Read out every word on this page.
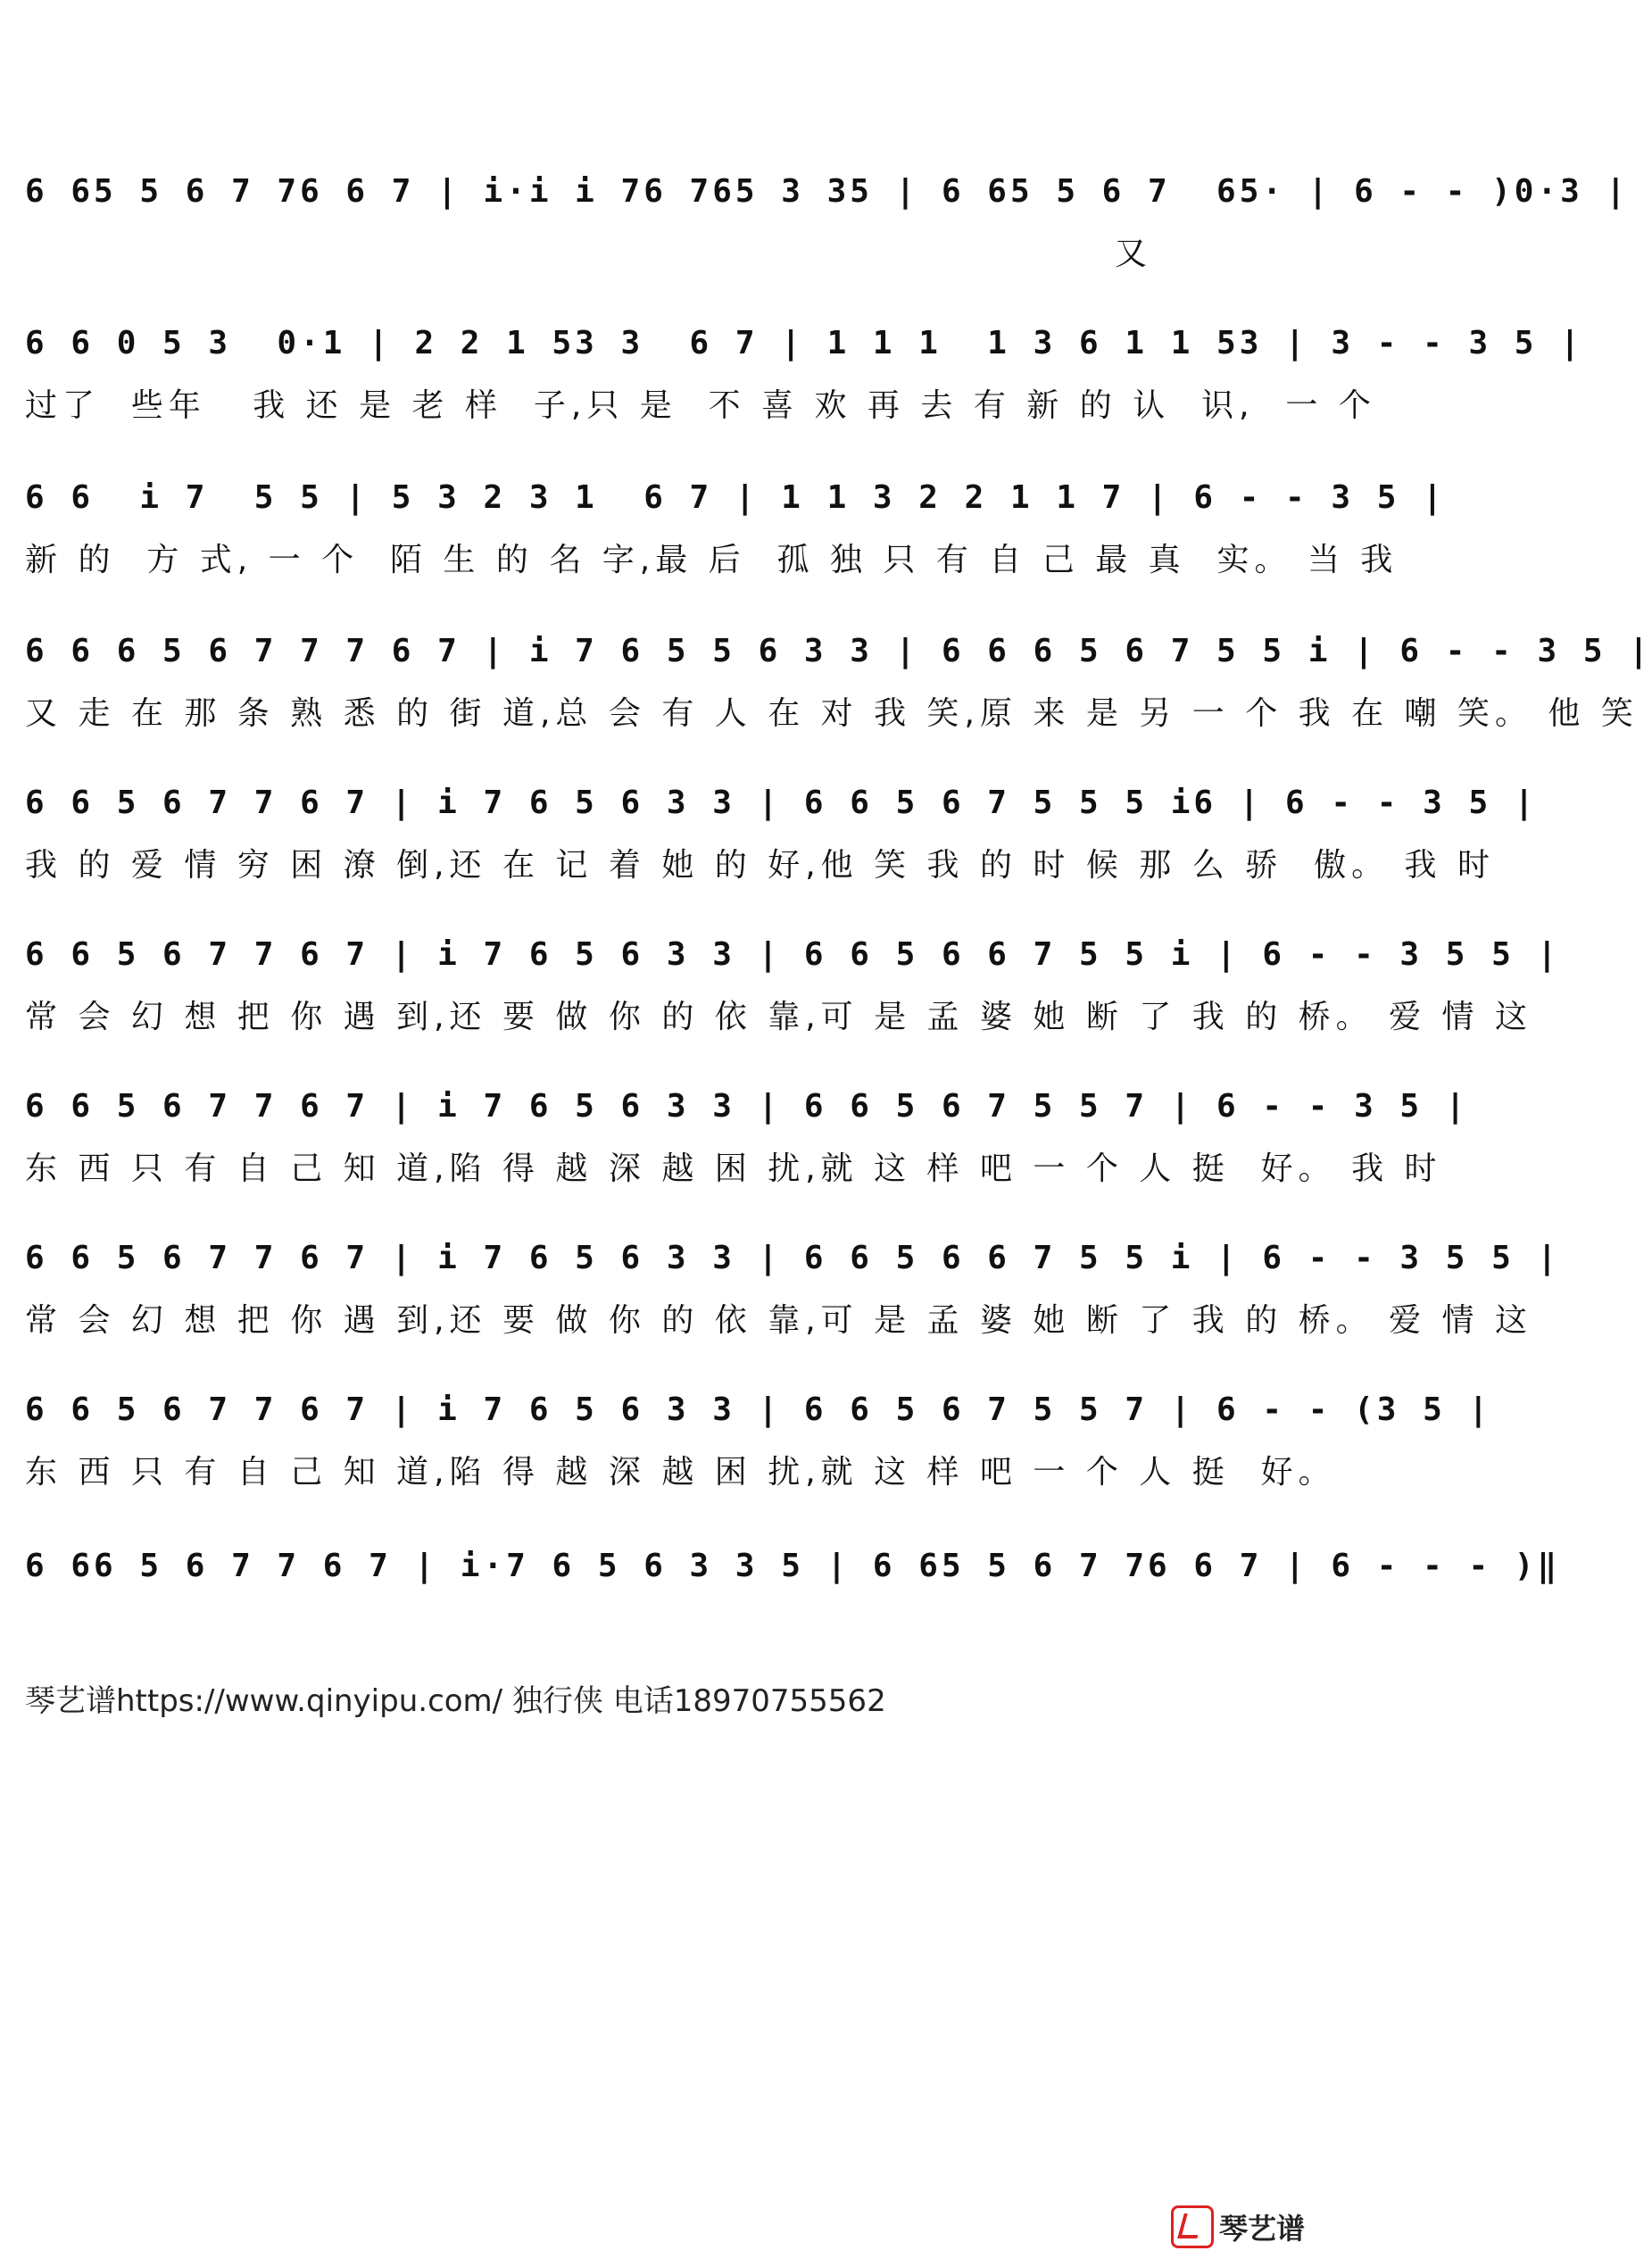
6 65 5 6 7 76 6 7 | i·i i 76 765 3 35 | 6 65 5 6 7  65· | 6 - - )0·3 |
又
6 6 0 5 3  0·1 | 2 2 1 53 3  6 7 | 1 1 1  1 3 6 1 1 53 | 3 - - 3 5 |
过了  些年   我 还 是 老 样  子,只 是  不 喜 欢 再 去 有 新 的 认  识,  一 个
6 6  i 7  5 5 | 5 3 2 3 1  6 7 | 1 1 3 2 2 1 1 7 | 6 - - 3 5 |
新 的  方 式, 一 个  陌 生 的 名 字,最 后  孤 独 只 有 自 己 最 真  实。 当 我
6 6 6 5 6 7 7 7 6 7 | i 7 6 5 5 6 3 3 | 6 6 6 5 6 7 5 5 i | 6 - - 3 5 |
又 走 在 那 条 熟 悉 的 街 道,总 会 有 人 在 对 我 笑,原 来 是 另 一 个 我 在 嘲 笑。 他 笑
6 6 5 6 7 7 6 7 | i 7 6 5 6 3 3 | 6 6 5 6 7 5 5 5 i6 | 6 - - 3 5 |
我 的 爱 情 穷 困 潦 倒,还 在 记 着 她 的 好,他 笑 我 的 时 候 那 么 骄  傲。 我 时
6 6 5 6 7 7 6 7 | i 7 6 5 6 3 3 | 6 6 5 6 6 7 5 5 i | 6 - - 3 5 5 |
常 会 幻 想 把 你 遇 到,还 要 做 你 的 依 靠,可 是 孟 婆 她 断 了 我 的 桥。 爱 情 这
6 6 5 6 7 7 6 7 | i 7 6 5 6 3 3 | 6 6 5 6 7 5 5 7 | 6 - - 3 5 |
东 西 只 有 自 己 知 道,陷 得 越 深 越 困 扰,就 这 样 吧 一 个 人 挺  好。 我 时
6 6 5 6 7 7 6 7 | i 7 6 5 6 3 3 | 6 6 5 6 6 7 5 5 i | 6 - - 3 5 5 |
常 会 幻 想 把 你 遇 到,还 要 做 你 的 依 靠,可 是 孟 婆 她 断 了 我 的 桥。 爱 情 这
6 6 5 6 7 7 6 7 | i 7 6 5 6 3 3 | 6 6 5 6 7 5 5 7 | 6 - - (3 5 |
东 西 只 有 自 己 知 道,陷 得 越 深 越 困 扰,就 这 样 吧 一 个 人 挺  好。
6 66 5 6 7 7 6 7 | i·7 6 5 6 3 3 5 | 6 65 5 6 7 76 6 7 | 6 - - - )‖
琴艺谱https://www.qinyipu.com/ 独行侠 电话18970755562
琴艺谱
